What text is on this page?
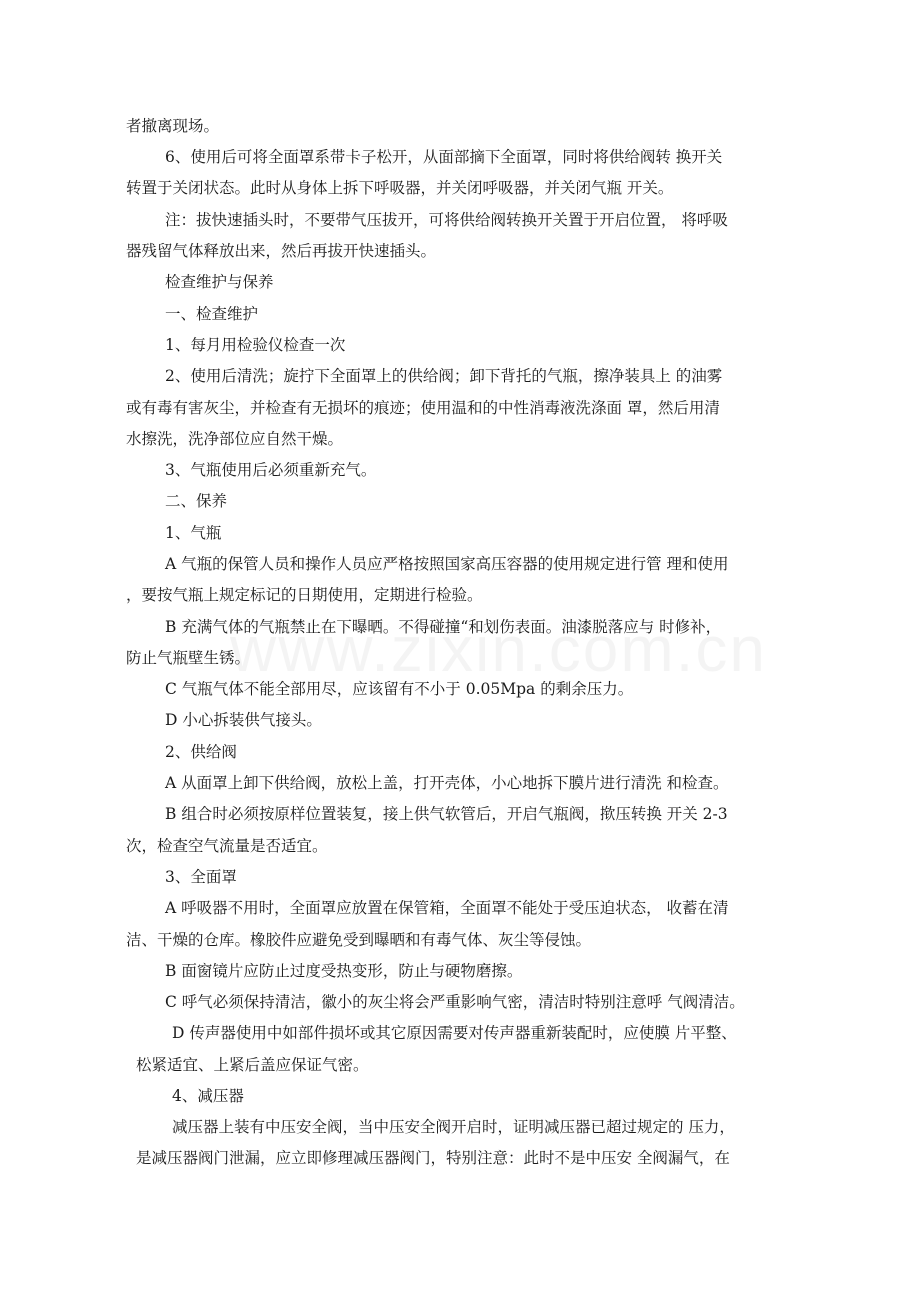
者撤离现场。
6、使用后可将全面罩系带卡子松开，从面部摘下全面罩，同时将供给阀转 换开关
转置于关闭状态。此时从身体上拆下呼吸器，并关闭呼吸器，并关闭气瓶 开关。
注：拔快速插头时，不要带气压拔开，可将供给阀转换开关置于开启位置， 将呼吸
器残留气体释放出来，然后再拔开快速插头。
检查维护与保养
一、检查维护
1、每月用检验仪检查一次
2、使用后清洗；旋拧下全面罩上的供给阀；卸下背托的气瓶，擦净装具上 的油雾
或有毒有害灰尘，并检查有无损坏的痕迹；使用温和的中性消毒液洗涤面 罩，然后用清
水擦洗，洗净部位应自然干燥。
3、气瓶使用后必须重新充气。
二、保养
1、气瓶
A 气瓶的保管人员和操作人员应严格按照国家高压容器的使用规定进行管 理和使用
，要按气瓶上规定标记的日期使用，定期进行检验。
B 充满气体的气瓶禁止在下曝晒。不得碰撞“和划伤表面。油漆脱落应与 时修补，
防止气瓶壁生锈。
C 气瓶气体不能全部用尽，应该留有不小于 0.05Mpa 的剩余压力。
D 小心拆装供气接头。
2、供给阀
A 从面罩上卸下供给阀，放松上盖，打开壳体，小心地拆下膜片进行清洗 和检查。
B 组合时必须按原样位置装复，接上供气软管后，开启气瓶阀，揿压转换 开关 2-3
次，检查空气流量是否适宜。
3、全面罩
A 呼吸器不用时，全面罩应放置在保管箱，全面罩不能处于受压迫状态， 收蓄在清
洁、干燥的仓库。橡胶件应避免受到曝晒和有毒气体、灰尘等侵蚀。
B 面窗镜片应防止过度受热变形，防止与硬物磨擦。
C 呼气必须保持清洁，徽小的灰尘将会严重影响气密，清洁时特别注意呼 气阀清洁。
D 传声器使用中如部件损坏或其它原因需要对传声器重新装配时，应使膜 片平整、
松紧适宜、上紧后盖应保证气密。
4、减压器
减压器上装有中压安全阀，当中压安全阀开启时，证明减压器已超过规定的 压力，
是减压器阀门泄漏，应立即修理减压器阀门，特别注意：此时不是中压安 全阀漏气，在
